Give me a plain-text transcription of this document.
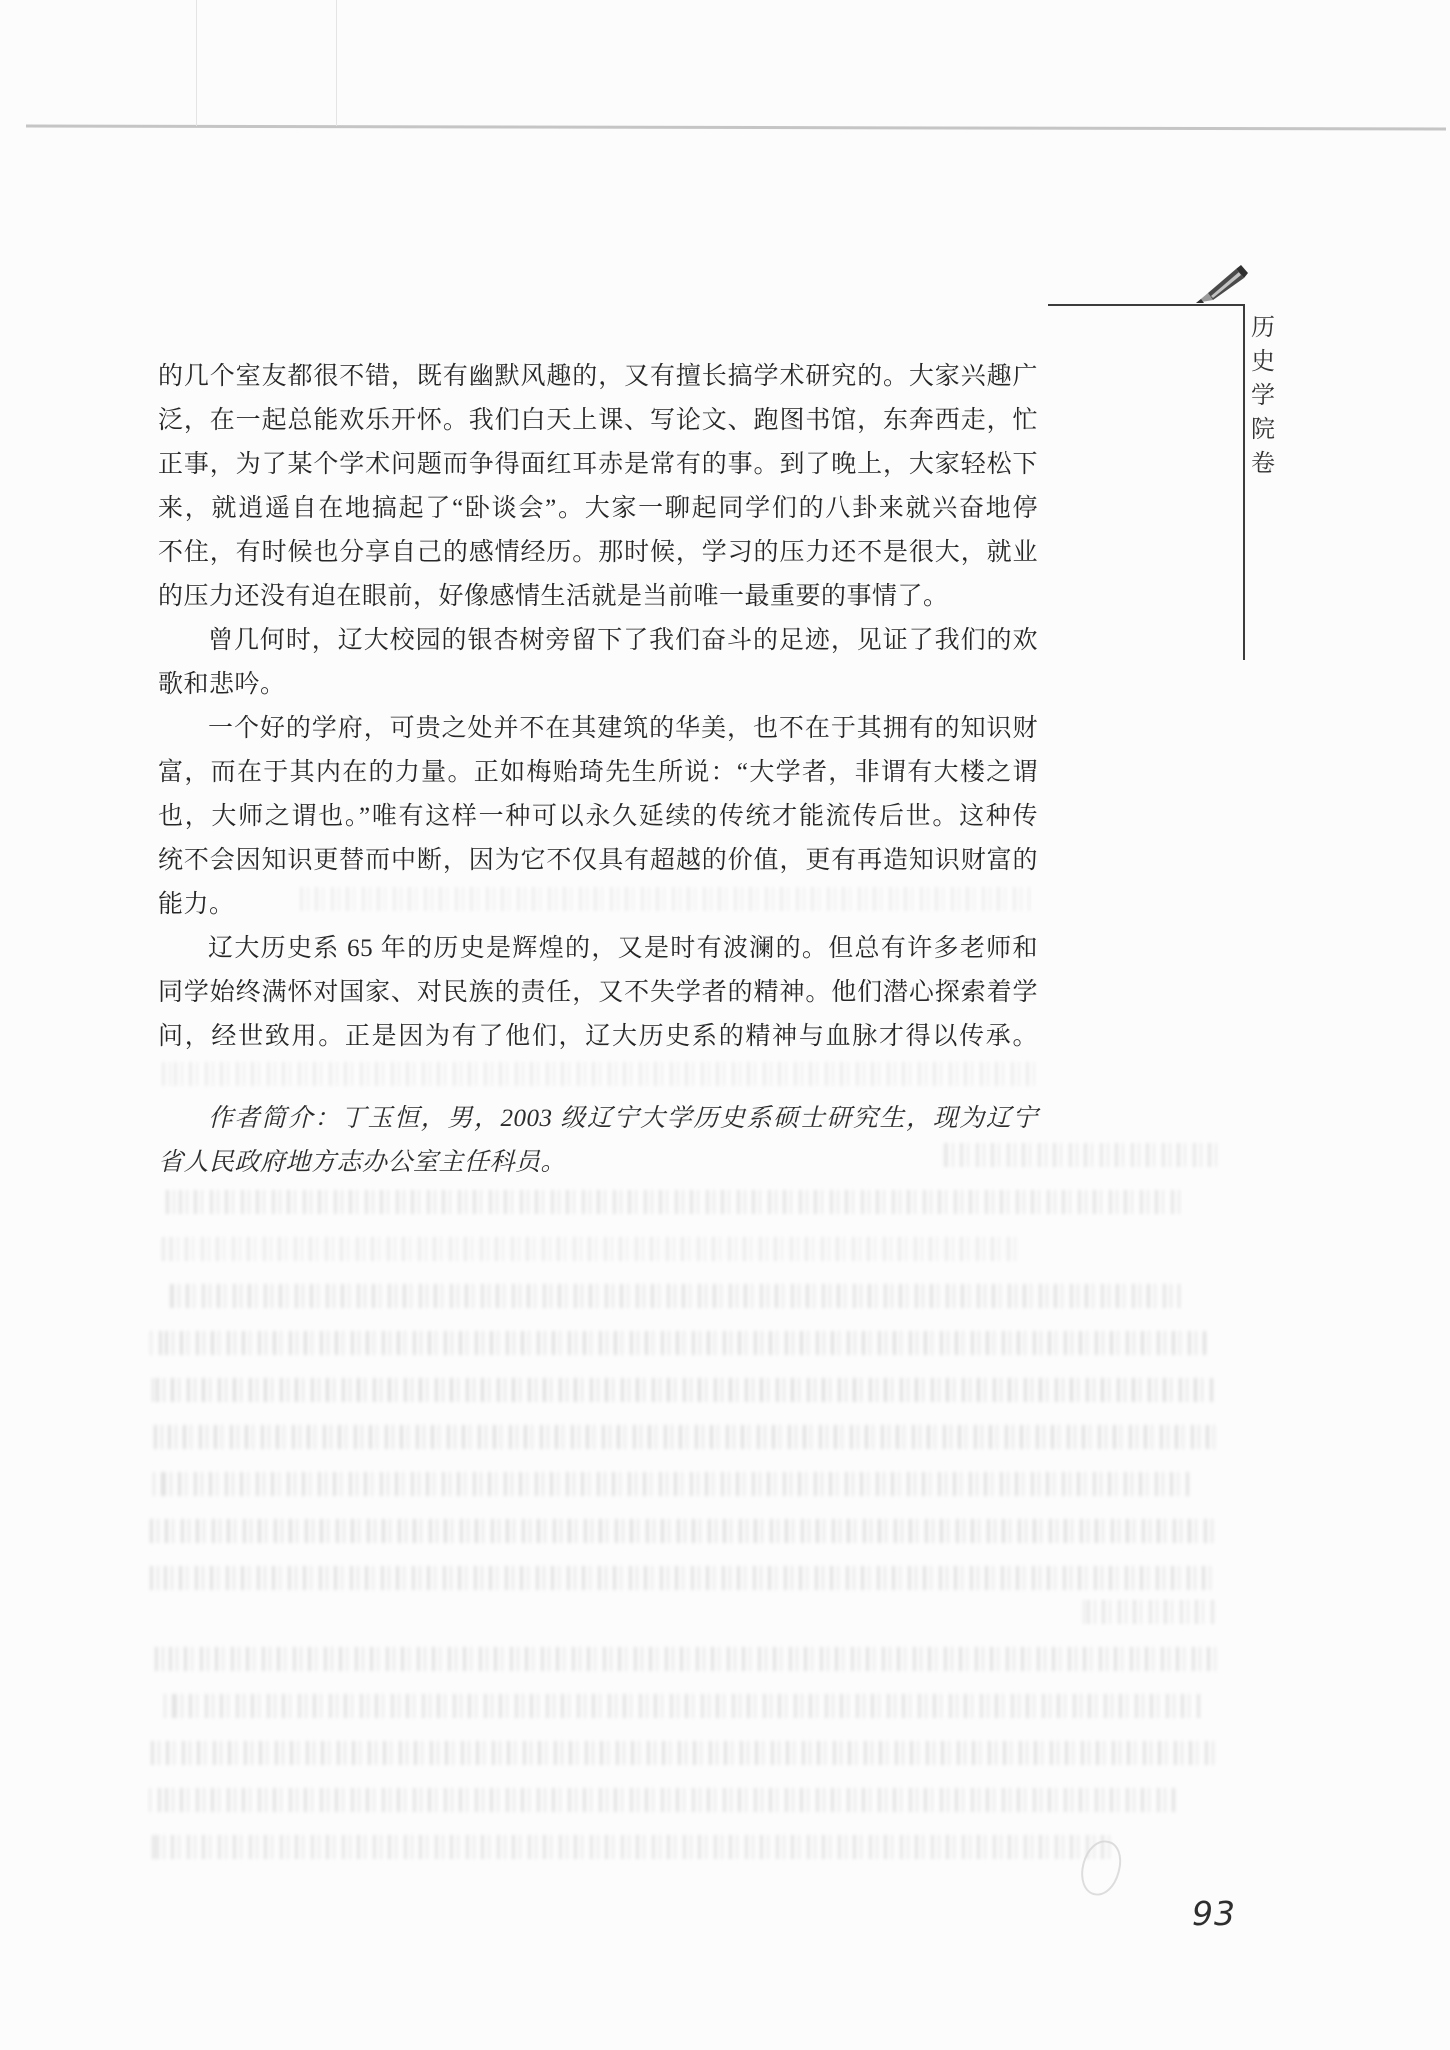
历
史
学
院
卷
的几个室友都很不错，既有幽默风趣的，又有擅长搞学术研究的。大家兴趣广
泛，在一起总能欢乐开怀。我们白天上课、写论文、跑图书馆，东奔西走，忙
正事，为了某个学术问题而争得面红耳赤是常有的事。到了晚上，大家轻松下
来，就逍遥自在地搞起了“卧谈会”。大家一聊起同学们的八卦来就兴奋地停
不住，有时候也分享自己的感情经历。那时候，学习的压力还不是很大，就业
的压力还没有迫在眼前，好像感情生活就是当前唯一最重要的事情了。
曾几何时，辽大校园的银杏树旁留下了我们奋斗的足迹，见证了我们的欢
歌和悲吟。
一个好的学府，可贵之处并不在其建筑的华美，也不在于其拥有的知识财
富，而在于其内在的力量。正如梅贻琦先生所说：“大学者，非谓有大楼之谓
也，大师之谓也。”唯有这样一种可以永久延续的传统才能流传后世。这种传
统不会因知识更替而中断，因为它不仅具有超越的价值，更有再造知识财富的
能力。
辽大历史系 65 年的历史是辉煌的，又是时有波澜的。但总有许多老师和
同学始终满怀对国家、对民族的责任，又不失学者的精神。他们潜心探索着学
问，经世致用。正是因为有了他们，辽大历史系的精神与血脉才得以传承。
作者简介：丁玉恒，男，2003 级辽宁大学历史系硕士研究生，现为辽宁
省人民政府地方志办公室主任科员。
93
